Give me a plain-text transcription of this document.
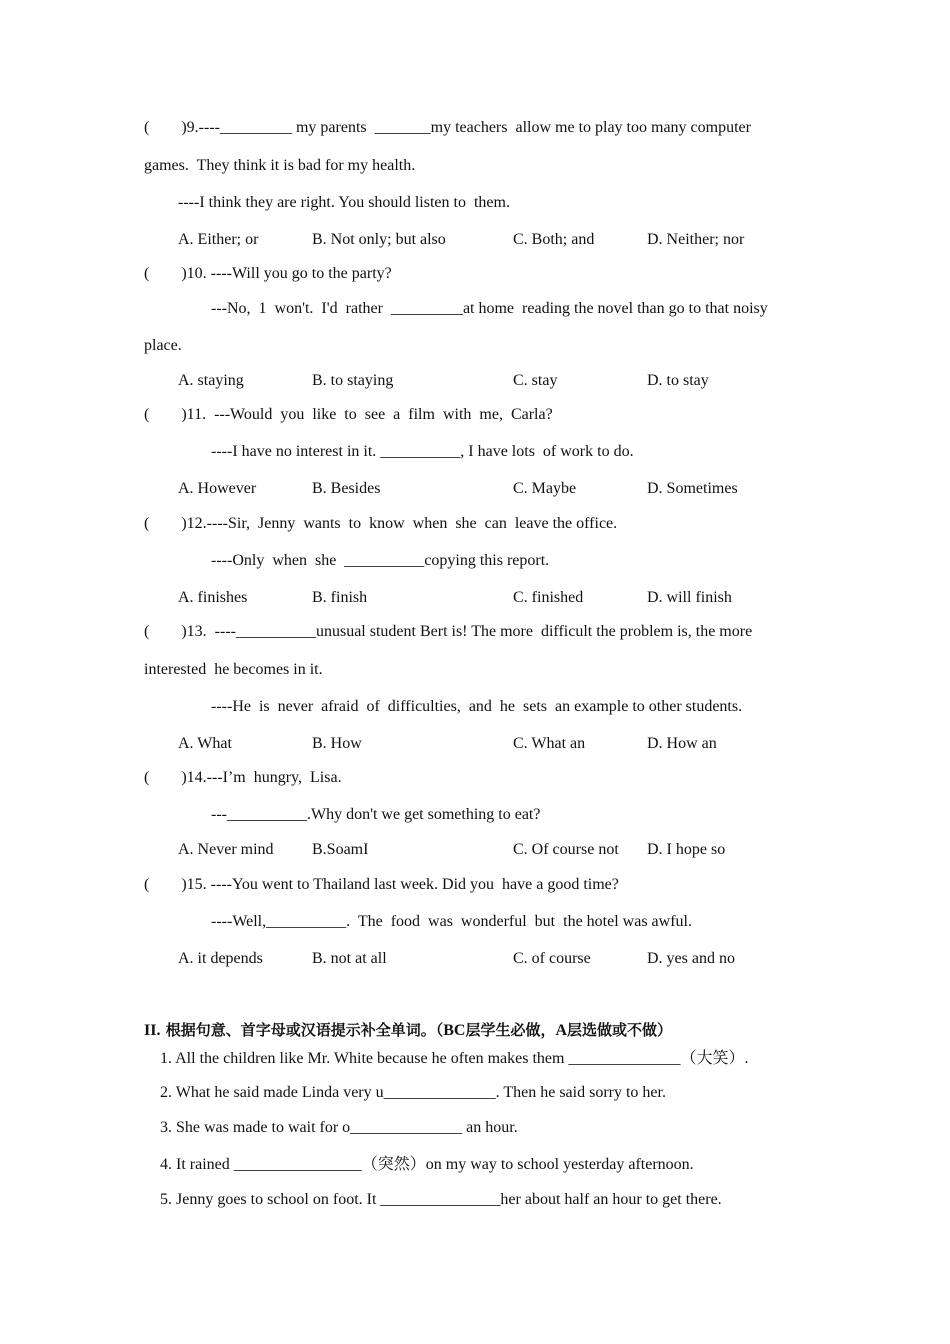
(        )9.----_________ my parents  _______my teachers  allow me to play too many computer
games.  They think it is bad for my health.
----I think they are right. You should listen to  them.
A. Either; or	B. Not only; but also	C. Both; and	D. Neither; nor
(        )10. ----Will you go to the party?
---No,  1  won't.  I'd  rather  _________at home  reading the novel than go to that noisy
place.
A. staying	B. to staying	C. stay	D. to stay
(        )11.  ---Would  you  like  to  see  a  film  with  me,  Carla?
----I have no interest in it. __________, I have lots  of work to do.
A. However	B. Besides	C. Maybe	D. Sometimes
(        )12.----Sir,  Jenny  wants  to  know  when  she  can  leave the office.
----Only  when  she  __________copying this report.
A. finishes	B. finish	C. finished	D. will finish
(        )13.  ----__________unusual student Bert is! The more  difficult the problem is, the more
interested  he becomes in it.
----He  is  never  afraid  of  difficulties,  and  he  sets  an example to other students.
A. What	B. How	C. What an	D. How an
(        )14.---I’m  hungry,  Lisa.
---__________.Why don't we get something to eat?
A. Never mind B.SoamI	C. Of course not D. I hope so
(        )15. ----You went to Thailand last week. Did you  have a good time?
----Well,__________.  The  food  was  wonderful  but  the hotel was awful.
A. it depends	B. not at all	C. of course	D. yes and no
II. 根据句意、首字母或汉语提示补全单词。（BC层学生必做，A层选做或不做）
1. All the children like Mr. White because he often makes them ______________（大笑）.
2. What he said made Linda very u______________. Then he said sorry to her.
3. She was made to wait for o______________ an hour.
4. It rained ________________（突然）on my way to school yesterday afternoon.
5. Jenny goes to school on foot. It _______________her about half an hour to get there.
